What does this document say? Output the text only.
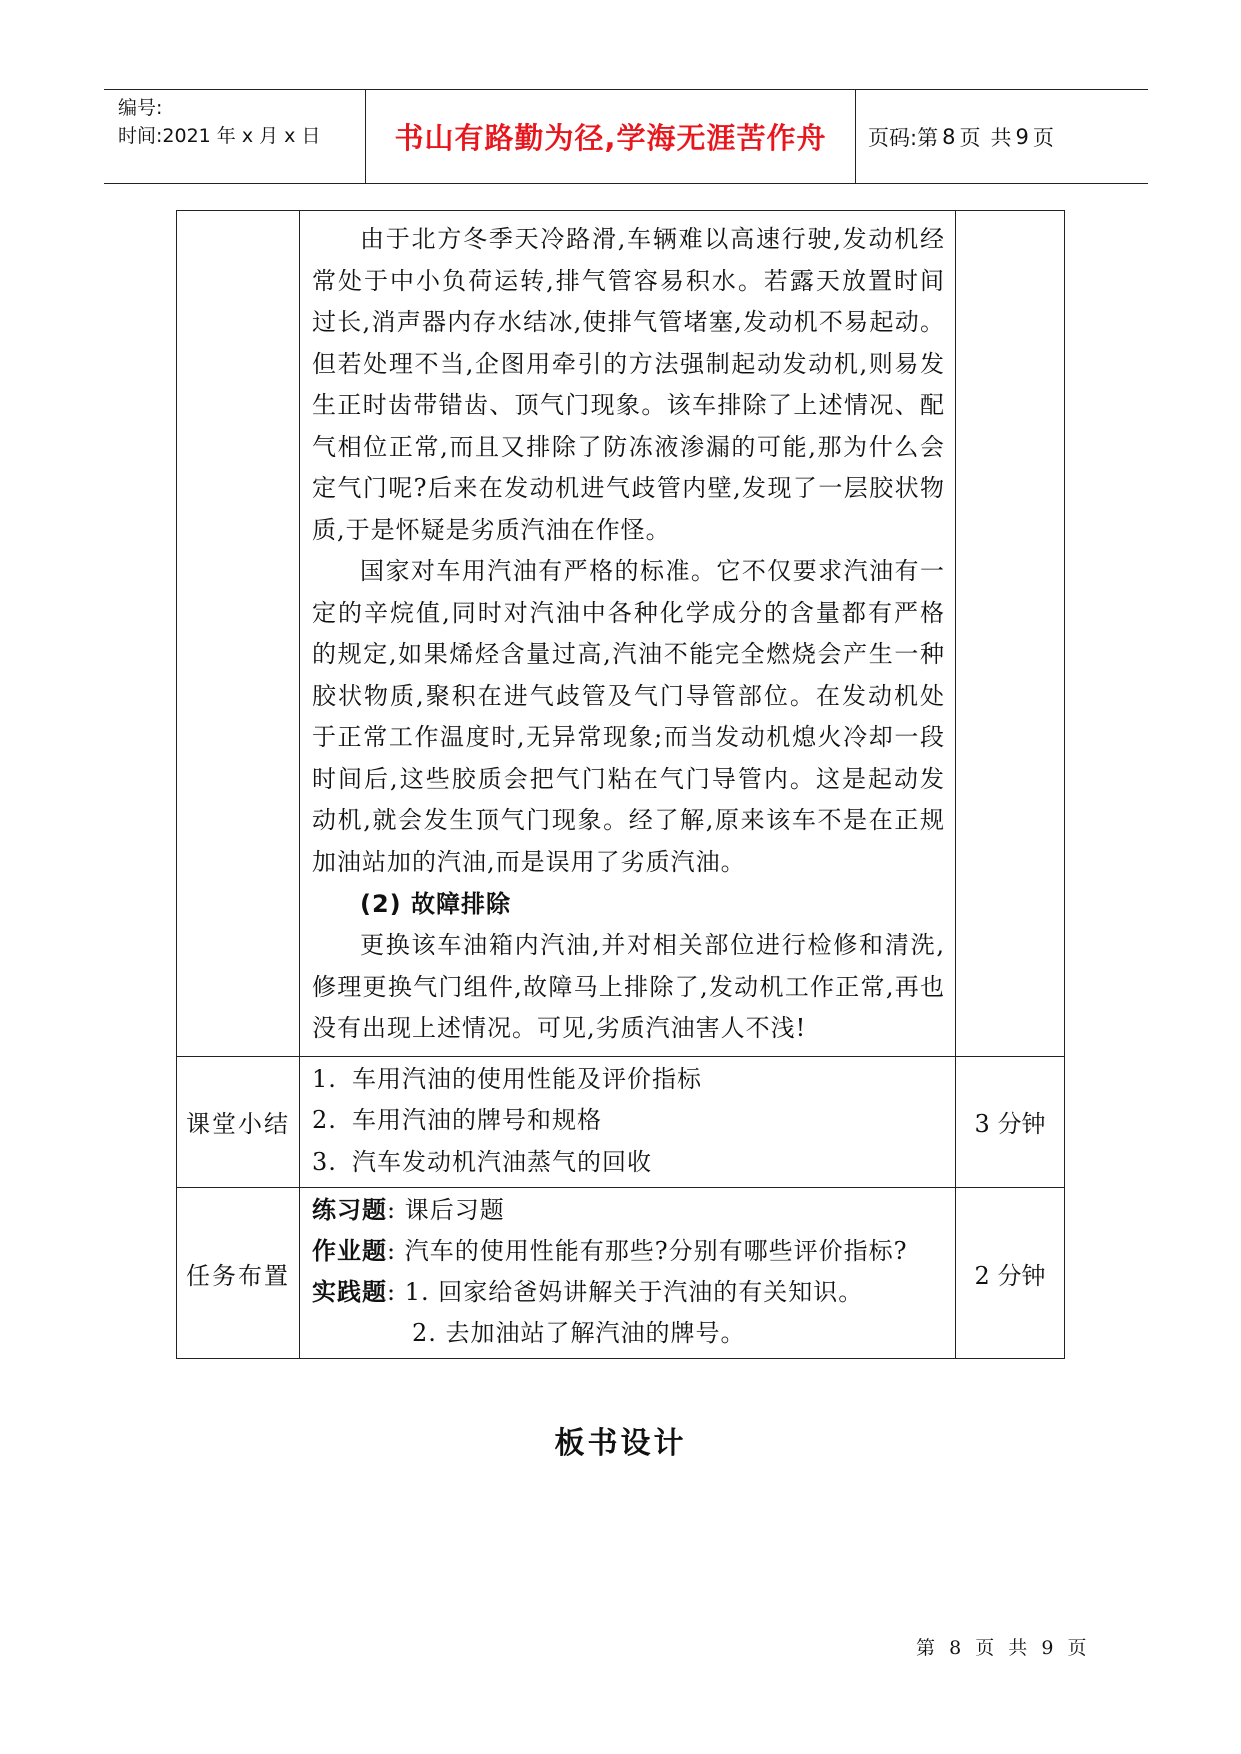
编号:
时间:2021 年 x 月 x 日	书山有路勤为径,学海无涯苦作舟	页码:第 8 页 共 9 页

	由于北方冬季天冷路滑,车辆难以高速行驶,发动机经常处于中小负荷运转,排气管容易积水。若露天放置时间过长,消声器内存水结冰,使排气管堵塞,发动机不易起动。但若处理不当,企图用牵引的方法强制起动发动机,则易发生正时齿带错齿、顶气门现象。该车排除了上述情况、配气相位正常,而且又排除了防冻液渗漏的可能,那为什么会定气门呢?后来在发动机进气歧管内壁,发现了一层胶状物质,于是怀疑是劣质汽油在作怪。

国家对车用汽油有严格的标准。它不仅要求汽油有一定的辛烷值,同时对汽油中各种化学成分的含量都有严格的规定,如果烯烃含量过高,汽油不能完全燃烧会产生一种胶状物质,聚积在进气歧管及气门导管部位。在发动机处于正常工作温度时,无异常现象;而当发动机熄火冷却一段时间后,这些胶质会把气门粘在气门导管内。这是起动发动机,就会发生顶气门现象。经了解,原来该车不是在正规加油站加的汽油,而是误用了劣质汽油。

(2) 故障排除

更换该车油箱内汽油,并对相关部位进行检修和清洗,修理更换气门组件,故障马上排除了,发动机工作正常,再也没有出现上述情况。可见,劣质汽油害人不浅!	

课堂小结	1. 车用汽油的使用性能及评价指标
2. 车用汽油的牌号和规格
3. 汽车发动机汽油蒸气的回收	3 分钟
任务布置	练习题: 课后习题
作业题: 汽车的使用性能有那些?分别有哪些评价指标?
实践题: 1. 回家给爸妈讲解关于汽油的有关知识。
2. 去加油站了解汽油的牌号。	2 分钟
板书设计
第 8 页 共 9 页
